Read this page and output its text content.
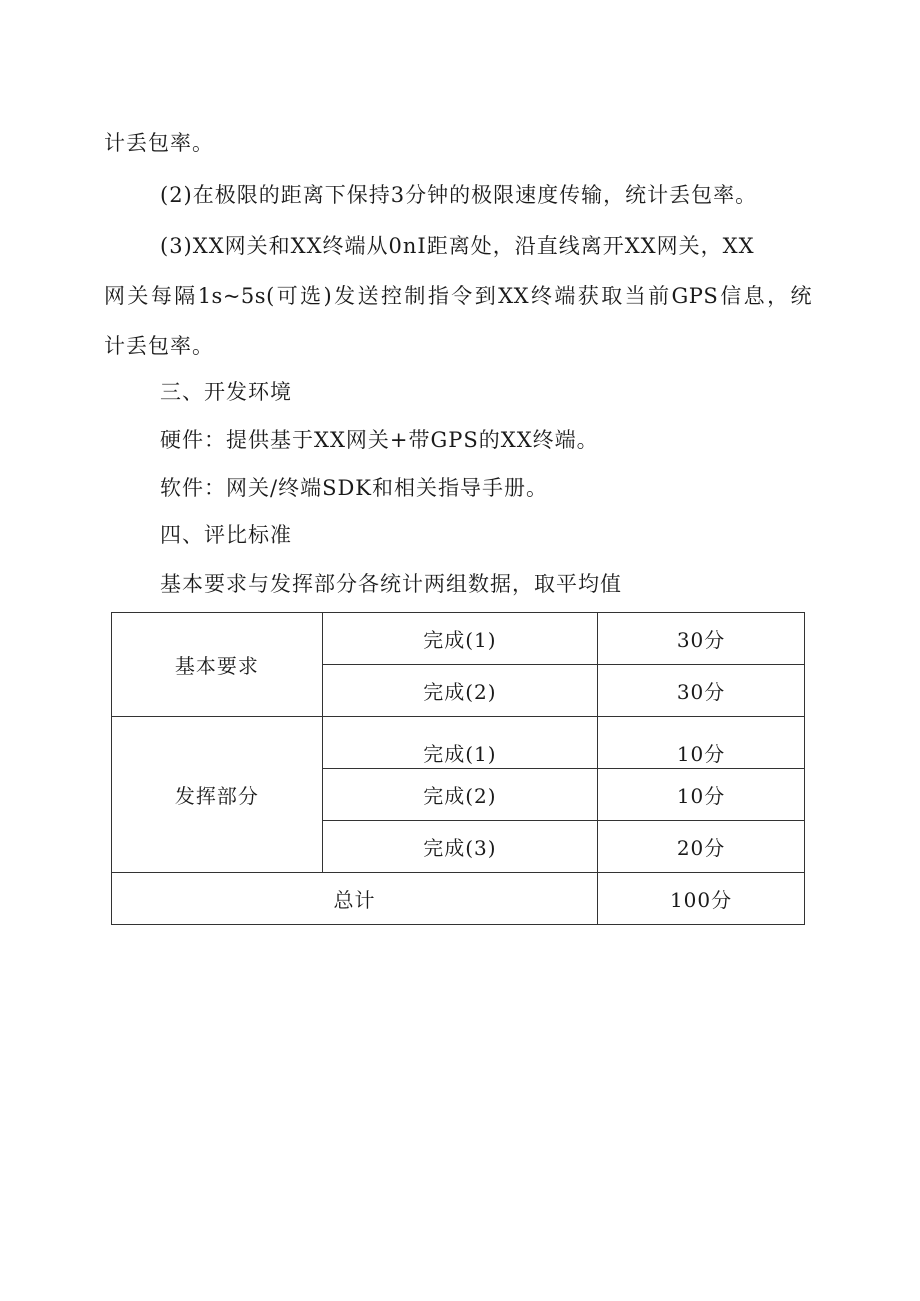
计丢包率。
(2)在极限的距离下保持3分钟的极限速度传输，统计丢包率。
(3)XX网关和XX终端从0nI距离处，沿直线离开XX网关，XX
网关每隔1s~5s(可选)发送控制指令到XX终端获取当前GPS信息，统
计丢包率。
三、开发环境
硬件：提供基于XX网关+带GPS的XX终端。
软件：网关/终端SDK和相关指导手册。
四、评比标准
基本要求与发挥部分各统计两组数据，取平均值
基本要求	完成(1)	30分
	完成(2)	30分
发挥部分	完成(1)	10分
	完成(2)	10分
	完成(3)	20分
总计		100分
